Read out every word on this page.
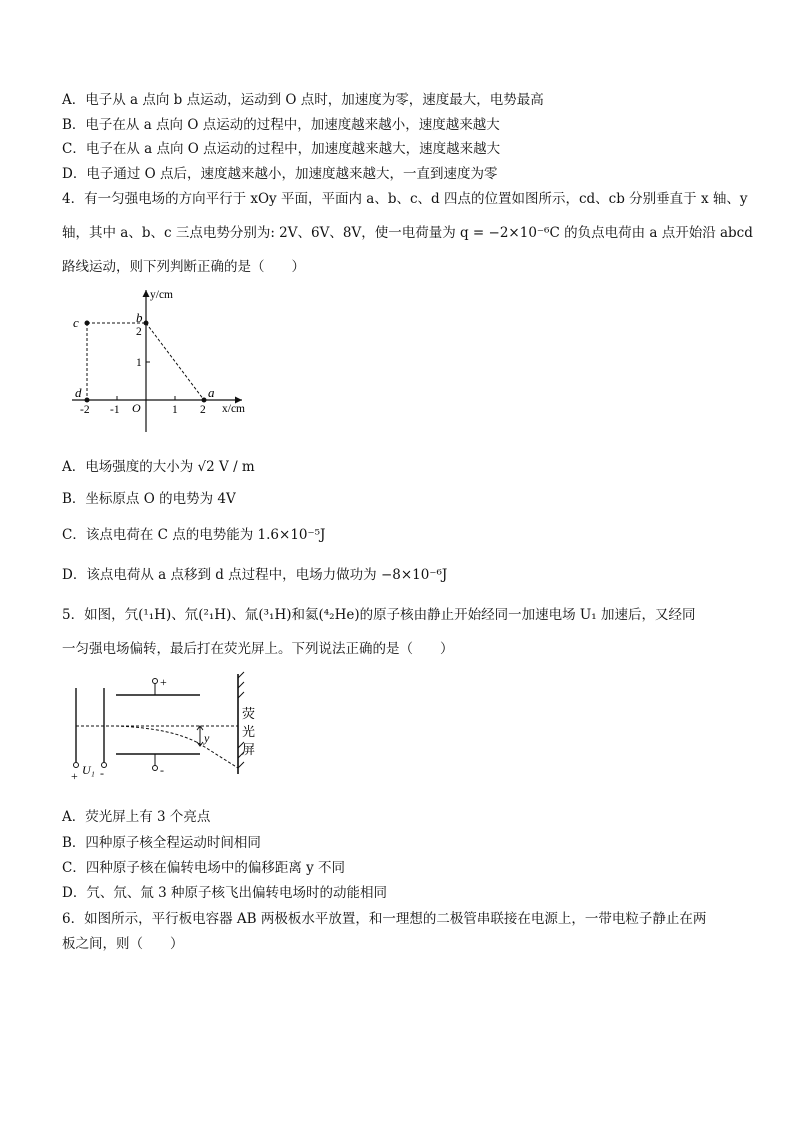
A．电子从 a 点向 b 点运动，运动到 O 点时，加速度为零，速度最大，电势最高
B．电子在从 a 点向 O 点运动的过程中，加速度越来越小，速度越来越大
C．电子在从 a 点向 O 点运动的过程中，加速度越来越大，速度越来越大
D．电子通过 O 点后，速度越来越小，加速度越来越大，一直到速度为零
4．有一匀强电场的方向平行于 xOy 平面，平面内 a、b、c、d 四点的位置如图所示，cd、cb 分别垂直于 x 轴、y
轴，其中 a、b、c 三点电势分别为: 2V、6V、8V，使一电荷量为 q = −2×10⁻⁶C 的负点电荷由 a 点开始沿 abcd
路线运动，则下列判断正确的是（　　）
c	b
d	a
y/cm
x/cm
O
-2 -1	1 2
1
2
A．电场强度的大小为 √2 V / m
B．坐标原点 O 的电势为 4V
C．该点电荷在 C 点的电势能为 1.6×10⁻⁵J
D．该点电荷从 a 点移到 d 点过程中，电场力做功为 −8×10⁻⁶J
5．如图，氕(¹₁H)、氘(²₁H)、氚(³₁H)和氦(⁴₂He)的原子核由静止开始经同一加速电场 U₁ 加速后，又经同
一匀强电场偏转，最后打在荧光屏上。下列说法正确的是（　　）
+ U₁ -
+
-
y
荧
光
屏
A．荧光屏上有 3 个亮点
B．四种原子核全程运动时间相同
C．四种原子核在偏转电场中的偏移距离 y 不同
D．氕、氘、氚 3 种原子核飞出偏转电场时的动能相同
6．如图所示，平行板电容器 AB 两极板水平放置，和一理想的二极管串联接在电源上，一带电粒子静止在两
板之间，则（　　）
